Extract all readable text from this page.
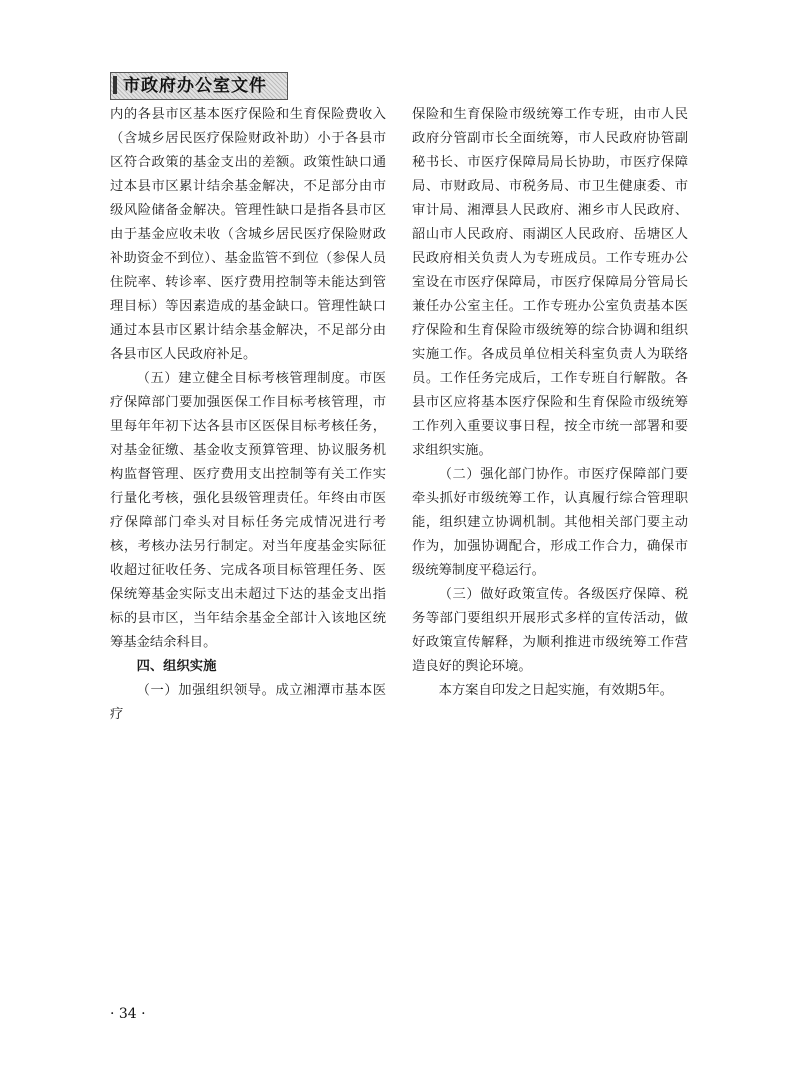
市政府办公室文件

内的各县市区基本医疗保险和生育保险费收入（含城乡居民医疗保险财政补助）小于各县市区符合政策的基金支出的差额。政策性缺口通过本县市区累计结余基金解决，不足部分由市级风险储备金解决。管理性缺口是指各县市区由于基金应收未收（含城乡居民医疗保险财政补助资金不到位）、基金监管不到位（参保人员住院率、转诊率、医疗费用控制等未能达到管理目标）等因素造成的基金缺口。管理性缺口通过本县市区累计结余基金解决，不足部分由各县市区人民政府补足。

（五）建立健全目标考核管理制度。市医疗保障部门要加强医保工作目标考核管理，市里每年年初下达各县市区医保目标考核任务，对基金征缴、基金收支预算管理、协议服务机构监督管理、医疗费用支出控制等有关工作实行量化考核，强化县级管理责任。年终由市医疗保障部门牵头对目标任务完成情况进行考核，考核办法另行制定。对当年度基金实际征收超过征收任务、完成各项目标管理任务、医保统筹基金实际支出未超过下达的基金支出指标的县市区，当年结余基金全部计入该地区统筹基金结余科目。

四、组织实施

（一）加强组织领导。成立湘潭市基本医疗

保险和生育保险市级统筹工作专班，由市人民政府分管副市长全面统筹，市人民政府协管副秘书长、市医疗保障局局长协助，市医疗保障局、市财政局、市税务局、市卫生健康委、市审计局、湘潭县人民政府、湘乡市人民政府、韶山市人民政府、雨湖区人民政府、岳塘区人民政府相关负责人为专班成员。工作专班办公室设在市医疗保障局，市医疗保障局分管局长兼任办公室主任。工作专班办公室负责基本医疗保险和生育保险市级统筹的综合协调和组织实施工作。各成员单位相关科室负责人为联络员。工作任务完成后，工作专班自行解散。各县市区应将基本医疗保险和生育保险市级统筹工作列入重要议事日程，按全市统一部署和要求组织实施。

（二）强化部门协作。市医疗保障部门要牵头抓好市级统筹工作，认真履行综合管理职能，组织建立协调机制。其他相关部门要主动作为，加强协调配合，形成工作合力，确保市级统筹制度平稳运行。

（三）做好政策宣传。各级医疗保障、税务等部门要组织开展形式多样的宣传活动，做好政策宣传解释，为顺利推进市级统筹工作营造良好的舆论环境。

本方案自印发之日起实施，有效期5年。

· 34 ·
